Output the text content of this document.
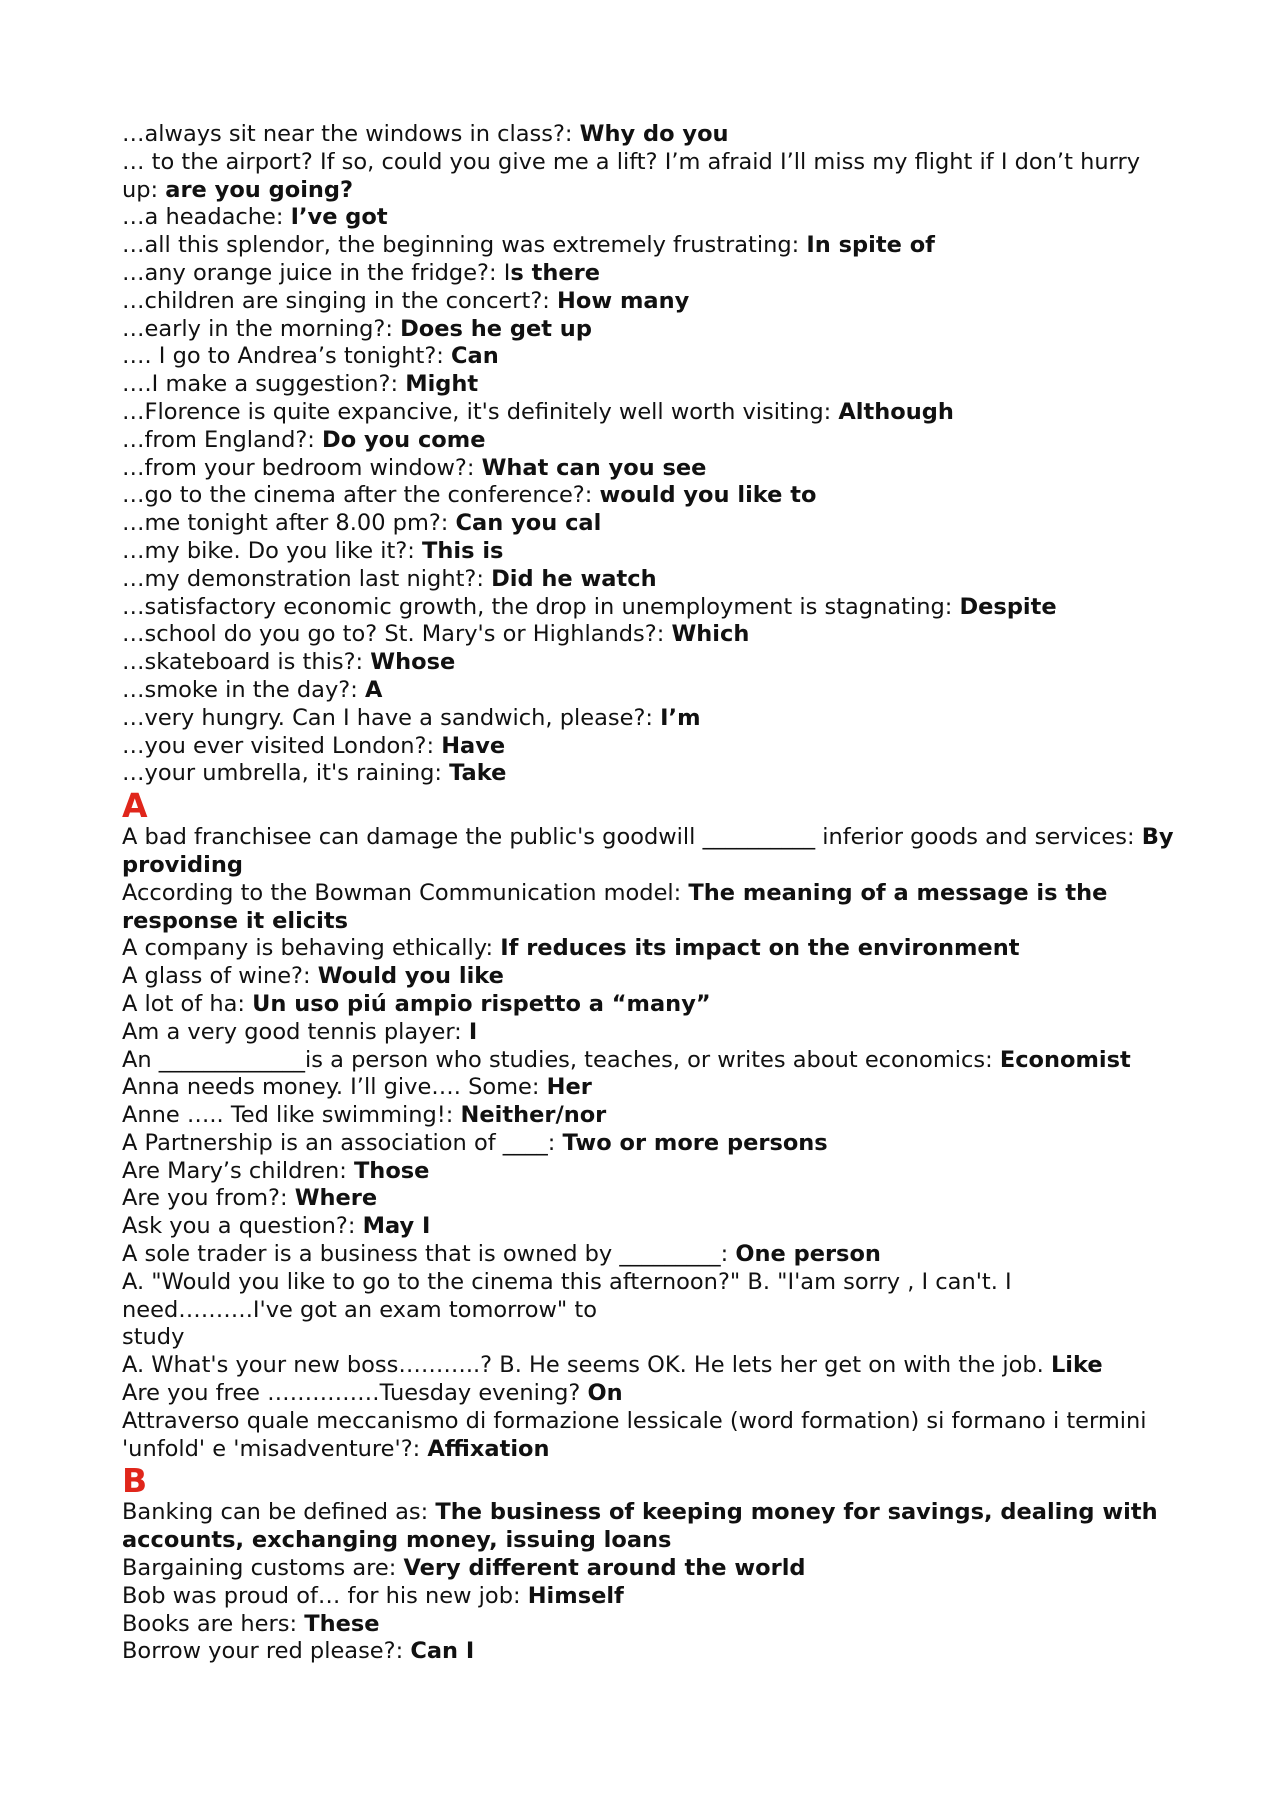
…always sit near the windows in class?: Why do you
… to the airport? If so, could you give me a lift? I’m afraid I’ll miss my flight if I don’t hurry up: are you going?
…a headache: I’ve got
…all this splendor, the beginning was extremely frustrating: In spite of
…any orange juice in the fridge?: Is there
…children are singing in the concert?: How many
…early in the morning?: Does he get up
…. I go to Andrea’s tonight?: Can
….I make a suggestion?: Might
…Florence is quite expancive, it's definitely well worth visiting: Although
…from England?: Do you come
…from your bedroom window?: What can you see
…go to the cinema after the conference?: would you like to
…me tonight after 8.00 pm?: Can you cal
…my bike. Do you like it?: This is
…my demonstration last night?: Did he watch
…satisfactory economic growth, the drop in unemployment is stagnating: Despite
…school do you go to? St. Mary's or Highlands?: Which
…skateboard is this?: Whose
…smoke in the day?: A
…very hungry. Can I have a sandwich, please?: I’m
…you ever visited London?: Have
…your umbrella, it's raining: Take
A
A bad franchisee can damage the public's goodwill __________ inferior goods and services: By providing
According to the Bowman Communication model: The meaning of a message is the response it elicits
A company is behaving ethically: If reduces its impact on the environment
A glass of wine?: Would you like
A lot of ha: Un uso piú ampio rispetto a “many”
Am a very good tennis player: I
An _____________is a person who studies, teaches, or writes about economics: Economist
Anna needs money. I’ll give…. Some: Her
Anne ….. Ted like swimming!: Neither/nor
A Partnership is an association of ____: Two or more persons
Are Mary’s children: Those
Are you from?: Where
Ask you a question?: May I
A sole trader is a business that is owned by _________: One person
A. "Would you like to go to the cinema this afternoon?" B. "I'am sorry , I can't. I need……….I've got an exam tomorrow" to
study
A. What's your new boss………..? B. He seems OK. He lets her get on with the job. Like
Are you free ……………Tuesday evening? On
Attraverso quale meccanismo di formazione lessicale (word formation) si formano i termini 'unfold' e 'misadventure'?: Affixation
B
Banking can be defined as: The business of keeping money for savings, dealing with accounts, exchanging money, issuing loans
Bargaining customs are: Very different around the world
Bob was proud of… for his new job: Himself
Books are hers: These
Borrow your red please?: Can I
